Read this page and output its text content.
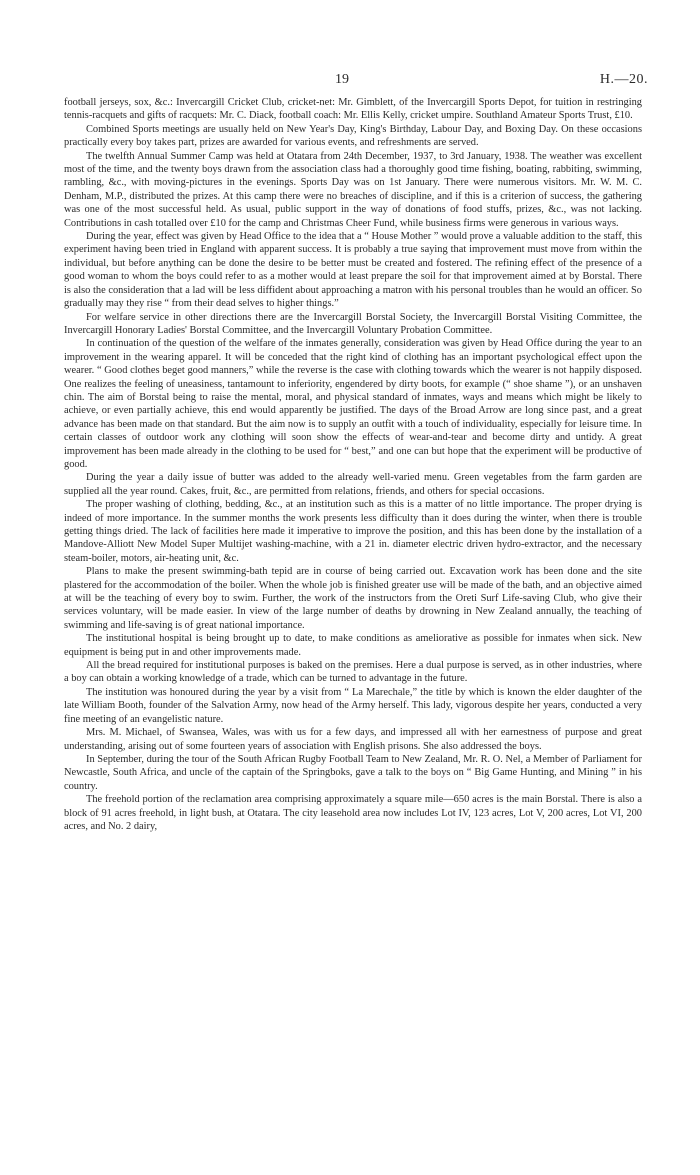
19	H.—20.

football jerseys, sox, &c.: Invercargill Cricket Club, cricket-net: Mr. Gimblett, of the Invercargill Sports Depot, for tuition in restringing tennis-racquets and gifts of racquets: Mr. C. Diack, football coach: Mr. Ellis Kelly, cricket umpire. Southland Amateur Sports Trust, £10.

Combined Sports meetings are usually held on New Year's Day, King's Birthday, Labour Day, and Boxing Day. On these occasions practically every boy takes part, prizes are awarded for various events, and refreshments are served.

The twelfth Annual Summer Camp was held at Otatara from 24th December, 1937, to 3rd January, 1938. The weather was excellent most of the time, and the twenty boys drawn from the association class had a thoroughly good time fishing, boating, rabbiting, swimming, rambling, &c., with moving-pictures in the evenings. Sports Day was on 1st January. There were numerous visitors. Mr. W. M. C. Denham, M.P., distributed the prizes. At this camp there were no breaches of discipline, and if this is a criterion of success, the gathering was one of the most successful held. As usual, public support in the way of donations of food stuffs, prizes, &c., was not lacking. Contributions in cash totalled over £10 for the camp and Christmas Cheer Fund, while business firms were generous in various ways.

During the year, effect was given by Head Office to the idea that a “ House Mother ” would prove a valuable addition to the staff, this experiment having been tried in England with apparent success. It is probably a true saying that improvement must move from within the individual, but before anything can be done the desire to be better must be created and fostered. The refining effect of the presence of a good woman to whom the boys could refer to as a mother would at least prepare the soil for that improvement aimed at by Borstal. There is also the consideration that a lad will be less diffident about approaching a matron with his personal troubles than he would an officer. So gradually may they rise “ from their dead selves to higher things.”

For welfare service in other directions there are the Invercargill Borstal Society, the Invercargill Borstal Visiting Committee, the Invercargill Honorary Ladies' Borstal Committee, and the Invercargill Voluntary Probation Committee.

In continuation of the question of the welfare of the inmates generally, consideration was given by Head Office during the year to an improvement in the wearing apparel. It will be conceded that the right kind of clothing has an important psychological effect upon the wearer. “ Good clothes beget good manners,” while the reverse is the case with clothing towards which the wearer is not happily disposed. One realizes the feeling of uneasiness, tantamount to inferiority, engendered by dirty boots, for example (“ shoe shame ”), or an unshaven chin. The aim of Borstal being to raise the mental, moral, and physical standard of inmates, ways and means which might be likely to achieve, or even partially achieve, this end would apparently be justified. The days of the Broad Arrow are long since past, and a great advance has been made on that standard. But the aim now is to supply an outfit with a touch of individuality, especially for leisure time. In certain classes of outdoor work any clothing will soon show the effects of wear-and-tear and become dirty and untidy. A great improvement has been made already in the clothing to be used for “ best,” and one can but hope that the experiment will be productive of good.

During the year a daily issue of butter was added to the already well-varied menu. Green vegetables from the farm garden are supplied all the year round. Cakes, fruit, &c., are permitted from relations, friends, and others for special occasions.

The proper washing of clothing, bedding, &c., at an institution such as this is a matter of no little importance. The proper drying is indeed of more importance. In the summer months the work presents less difficulty than it does during the winter, when there is trouble getting things dried. The lack of facilities here made it imperative to improve the position, and this has been done by the installation of a Mandove-Alliott New Model Super Multijet washing-machine, with a 21 in. diameter electric driven hydro-extractor, and the necessary steam-boiler, motors, air-heating unit, &c.

Plans to make the present swimming-bath tepid are in course of being carried out. Excavation work has been done and the site plastered for the accommodation of the boiler. When the whole job is finished greater use will be made of the bath, and an objective aimed at will be the teaching of every boy to swim. Further, the work of the instructors from the Oreti Surf Life-saving Club, who give their services voluntary, will be made easier. In view of the large number of deaths by drowning in New Zealand annually, the teaching of swimming and life-saving is of great national importance.

The institutional hospital is being brought up to date, to make conditions as ameliorative as possible for inmates when sick. New equipment is being put in and other improvements made.

All the bread required for institutional purposes is baked on the premises. Here a dual purpose is served, as in other industries, where a boy can obtain a working knowledge of a trade, which can be turned to advantage in the future.

The institution was honoured during the year by a visit from “ La Marechale,” the title by which is known the elder daughter of the late William Booth, founder of the Salvation Army, now head of the Army herself. This lady, vigorous despite her years, conducted a very fine meeting of an evangelistic nature.

Mrs. M. Michael, of Swansea, Wales, was with us for a few days, and impressed all with her earnestness of purpose and great understanding, arising out of some fourteen years of association with English prisons. She also addressed the boys.

In September, during the tour of the South African Rugby Football Team to New Zealand, Mr. R. O. Nel, a Member of Parliament for Newcastle, South Africa, and uncle of the captain of the Springboks, gave a talk to the boys on “ Big Game Hunting, and Mining ” in his country.

The freehold portion of the reclamation area comprising approximately a square mile—650 acres is the main Borstal. There is also a block of 91 acres freehold, in light bush, at Otatara. The city leasehold area now includes Lot IV, 123 acres, Lot V, 200 acres, Lot VI, 200 acres, and No. 2 dairy,
